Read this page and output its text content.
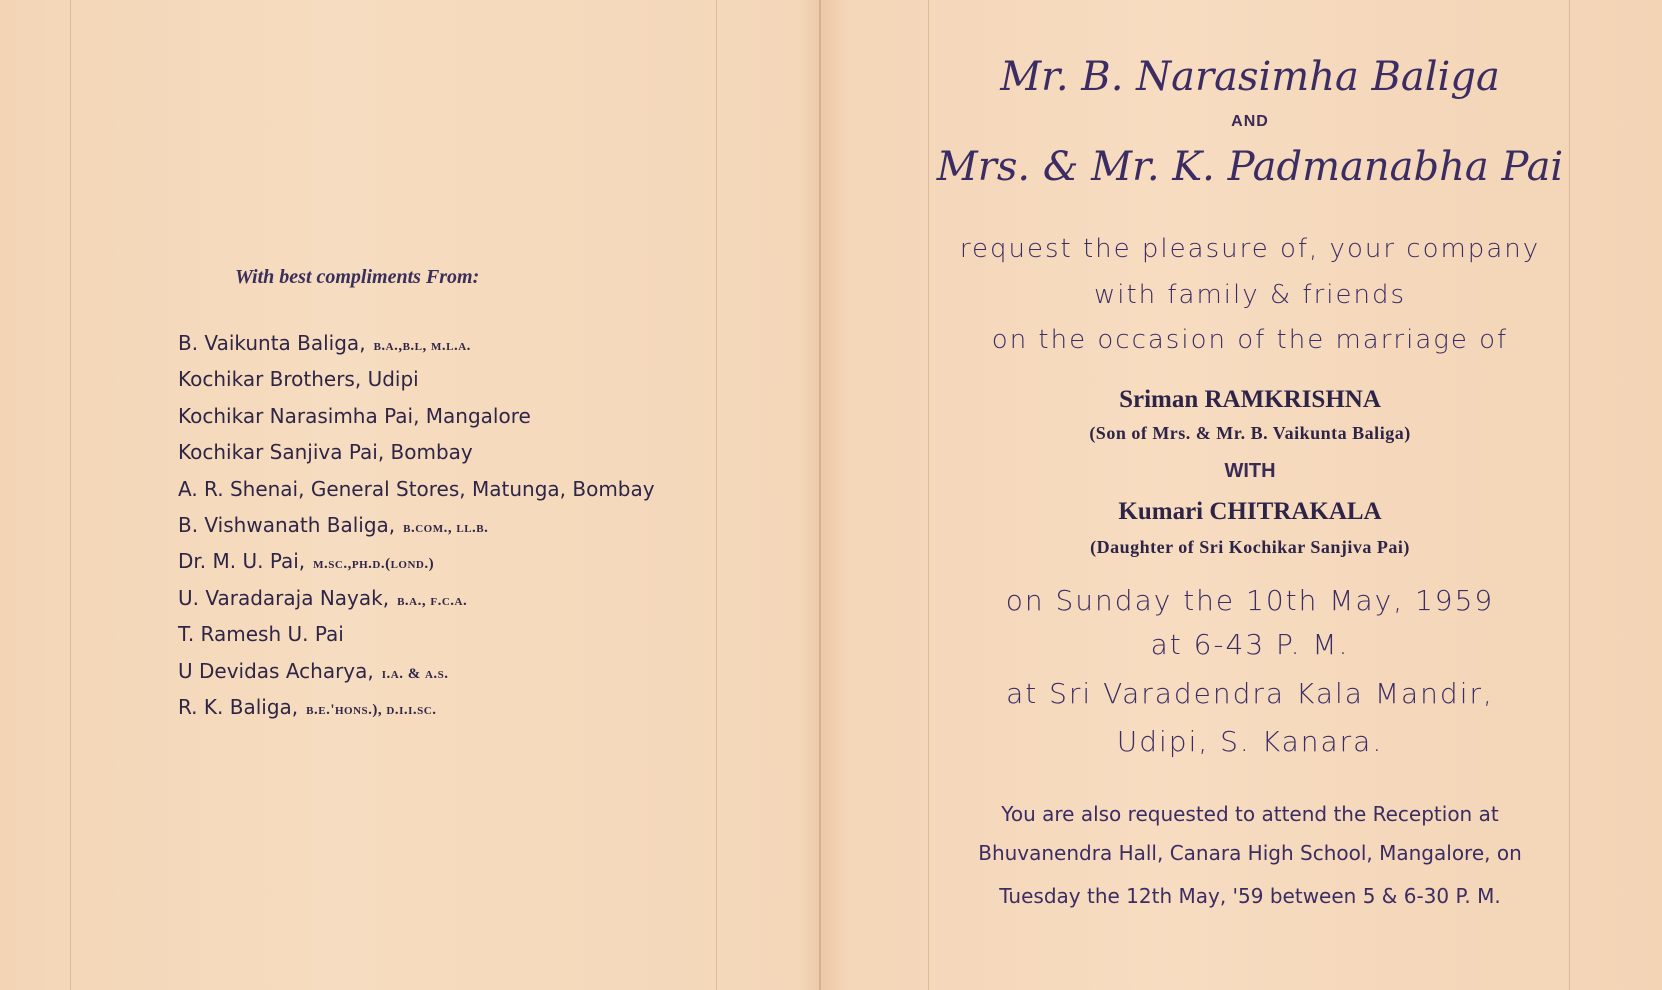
With best compliments From:
B. Vaikunta Baliga, b.a.,b.l, m.l.a.
Kochikar Brothers, Udipi
Kochikar Narasimha Pai, Mangalore
Kochikar Sanjiva Pai, Bombay
A. R. Shenai, General Stores, Matunga, Bombay
B. Vishwanath Baliga, b.com., ll.b.
Dr. M. U. Pai, m.sc.,ph.d.(lond.)
U. Varadaraja Nayak, b.a., f.c.a.
T. Ramesh U. Pai
U Devidas Acharya, i.a. & a.s.
R. K. Baliga, b.e.'hons.), d.i.i.sc.
Mr. B. Narasimha Baliga
AND
Mrs. & Mr. K. Padmanabha Pai
request the pleasure of, your company
with family & friends
on the occasion of the marriage of
Sriman RAMKRISHNA
(Son of Mrs. & Mr. B. Vaikunta Baliga)
WITH
Kumari CHITRAKALA
(Daughter of Sri Kochikar Sanjiva Pai)
on Sunday the 10th May, 1959
at 6-43 P. M.
at Sri Varadendra Kala Mandir,
Udipi, S. Kanara.
You are also requested to attend the Reception at
Bhuvanendra Hall, Canara High School, Mangalore, on
Tuesday the 12th May, '59 between 5 & 6-30 P. M.
